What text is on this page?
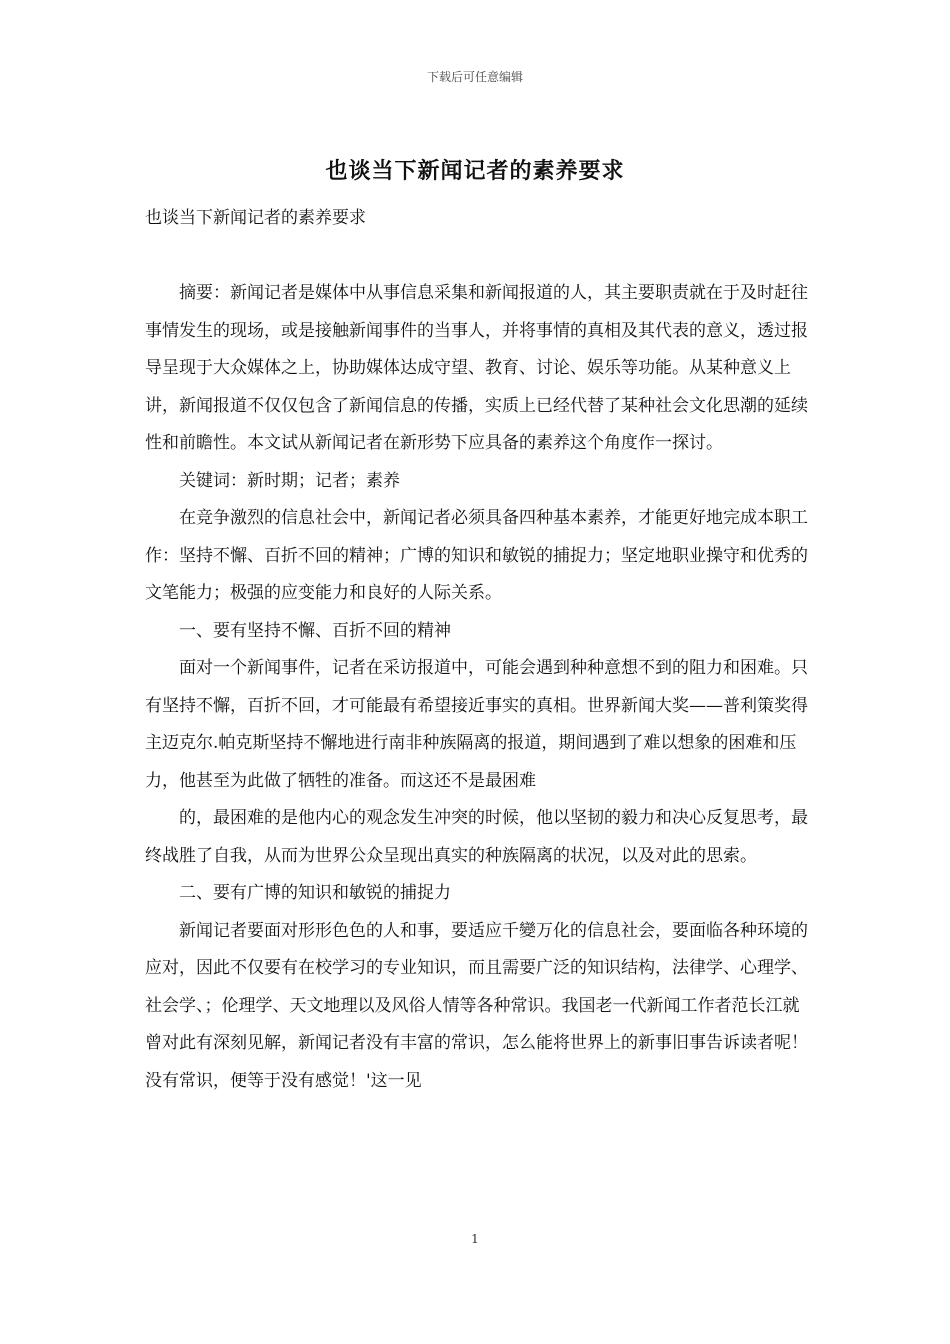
下载后可任意编辑
也谈当下新闻记者的素养要求

也谈当下新闻记者的素养要求

摘要：新闻记者是媒体中从事信息采集和新闻报道的人，其主要职责就在于及时赶往事情发生的现场，或是接触新闻事件的当事人，并将事情的真相及其代表的意义，透过报导呈现于大众媒体之上，协助媒体达成守望、教育、讨论、娱乐等功能。从某种意义上讲，新闻报道不仅仅包含了新闻信息的传播，实质上已经代替了某种社会文化思潮的延续性和前瞻性。本文试从新闻记者在新形势下应具备的素养这个角度作一探讨。

关键词：新时期；记者；素养

在竞争激烈的信息社会中，新闻记者必须具备四种基本素养，才能更好地完成本职工作：坚持不懈、百折不回的精神；广博的知识和敏锐的捕捉力；坚定地职业操守和优秀的文笔能力；极强的应变能力和良好的人际关系。

一、要有坚持不懈、百折不回的精神

面对一个新闻事件，记者在采访报道中，可能会遇到种种意想不到的阻力和困难。只有坚持不懈，百折不回，才可能最有希望接近事实的真相。世界新闻大奖——普利策奖得主迈克尔.帕克斯坚持不懈地进行南非种族隔离的报道，期间遇到了难以想象的困难和压力，他甚至为此做了牺牲的准备。而这还不是最困难

的，最困难的是他内心的观念发生冲突的时候，他以坚韧的毅力和决心反复思考，最终战胜了自我，从而为世界公众呈现出真实的种族隔离的状况，以及对此的思索。

二、要有广博的知识和敏锐的捕捉力

新闻记者要面对形形色色的人和事，要适应千變万化的信息社会，要面临各种环境的应对，因此不仅要有在校学习的专业知识，而且需要广泛的知识结构，法律学、心理学、社会学、；伦理学、天文地理以及风俗人情等各种常识。我国老一代新闻工作者范长江就曾对此有深刻见解，新闻记者没有丰富的常识，怎么能将世界上的新事旧事告诉读者呢！没有常识，便等于没有感觉！'这一见

1
